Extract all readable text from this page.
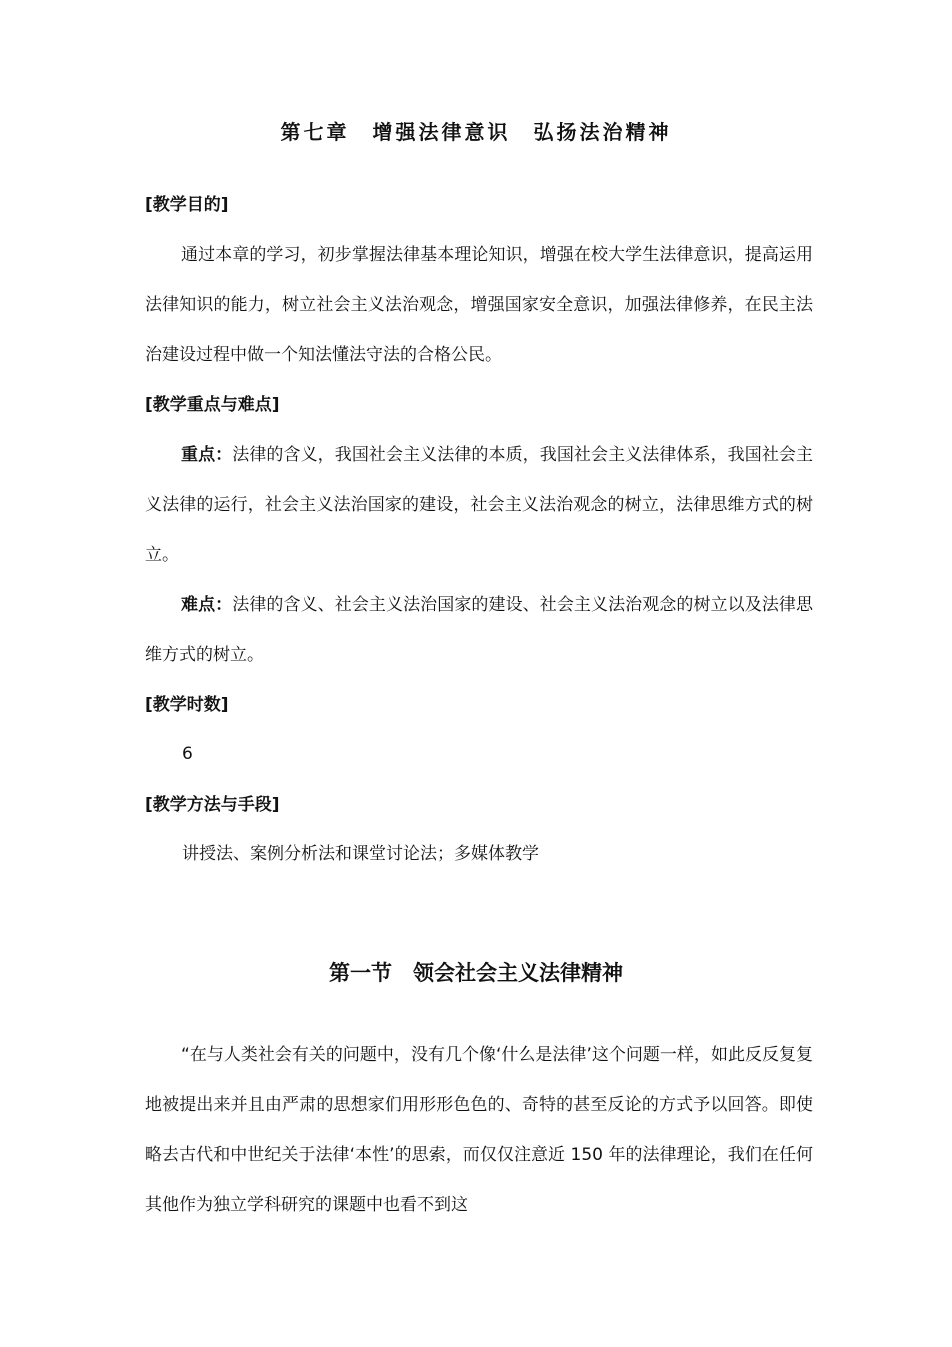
第七章　增强法律意识　弘扬法治精神
[教学目的]

通过本章的学习，初步掌握法律基本理论知识，增强在校大学生法律意识，提高运用法律知识的能力，树立社会主义法治观念，增强国家安全意识，加强法律修养，在民主法治建设过程中做一个知法懂法守法的合格公民。

[教学重点与难点]

重点：法律的含义，我国社会主义法律的本质，我国社会主义法律体系，我国社会主义法律的运行，社会主义法治国家的建设，社会主义法治观念的树立，法律思维方式的树立。

难点：法律的含义、社会主义法治国家的建设、社会主义法治观念的树立以及法律思维方式的树立。

[教学时数]
6
[教学方法与手段]
讲授法、案例分析法和课堂讨论法；多媒体教学
第一节　领会社会主义法律精神

“在与人类社会有关的问题中，没有几个像‘什么是法律’这个问题一样，如此反反复复地被提出来并且由严肃的思想家们用形形色色的、奇特的甚至反论的方式予以回答。即使略去古代和中世纪关于法律‘本性’的思索，而仅仅注意近 150 年的法律理论，我们在任何其他作为独立学科研究的课题中也看不到这
